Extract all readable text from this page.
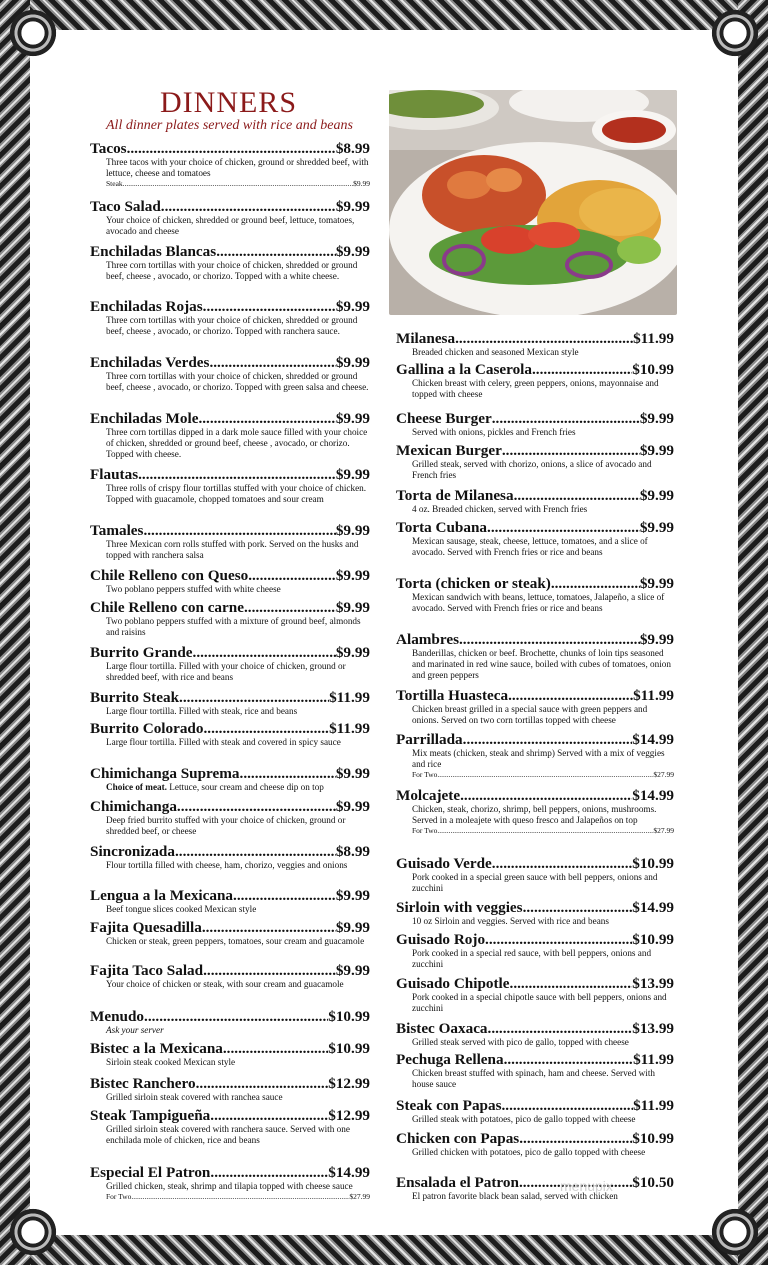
DINNERS
All dinner plates served with rice and beans
Tacos .....	$8.99
Three tacos with your choice of chicken, ground or shredded beef, with lettuce, cheese and tomatoes
Steak .....	$9.99
Taco Salad .....	$9.99
Your choice of chicken, shredded or ground beef, lettuce, tomatoes, avocado and cheese
Enchiladas Blancas .....	$9.99
Three corn tortillas with your choice of chicken, shredded or ground beef, cheese , avocado, or chorizo. Topped with a white cheese.
Enchiladas Rojas .....	$9.99
Three corn tortillas with your choice of chicken, shredded or ground beef, cheese , avocado, or chorizo. Topped with ranchera sauce.
Enchiladas Verdes .....	$9.99
Three corn tortillas with your choice of chicken, shredded or ground beef, cheese , avocado, or chorizo. Topped with green salsa and cheese.
Enchiladas Mole .....	$9.99
Three corn tortillas dipped in a dark mole sauce filled with your choice of chicken, shredded or ground beef, cheese , avocado, or chorizo. Topped with cheese.
Flautas .....	$9.99
Three rolls of crispy flour tortillas stuffed with your choice of chicken. Topped with guacamole, chopped tomatoes and sour cream
Tamales .....	$9.99
Three Mexican corn rolls stuffed with pork. Served on the husks and topped with ranchera salsa
Chile Relleno con Queso .....	$9.99
Two poblano peppers stuffed with white cheese
Chile Relleno con carne .....	$9.99
Two poblano peppers stuffed with a mixture of ground beef, almonds and raisins
Burrito Grande .....	$9.99
Large flour tortilla. Filled with your choice of chicken, ground or shredded beef, with rice and beans
Burrito Steak .....	$11.99
Large flour tortilla. Filled with steak, rice and beans
Burrito Colorado .....	$11.99
Large flour tortilla. Filled with steak and covered in spicy sauce
Chimichanga Suprema .....	$9.99
Choice of meat. Lettuce, sour cream and cheese dip on top
Chimichanga .....	$9.99
Deep fried burrito stuffed with your choice of chicken, ground or shredded beef, or cheese
Sincronizada .....	$8.99
Flour tortilla filled with cheese, ham, chorizo, veggies and onions
Lengua a la Mexicana .....	$9.99
Beef tongue slices cooked Mexican style
Fajita Quesadilla .....	$9.99
Chicken or steak, green peppers, tomatoes, sour cream and guacamole
Fajita Taco Salad .....	$9.99
Your choice of chicken or steak, with sour cream and guacamole
Menudo .....	$10.99
Ask your server
Bistec a la Mexicana .....	$10.99
Sirloin steak cooked Mexican style
Bistec Ranchero .....	$12.99
Grilled sirloin steak covered with ranchea sauce
Steak Tampigueña .....	$12.99
Grilled sirloin steak covered with ranchera sauce. Served with one enchilada mole of chicken, rice and beans
Especial El Patron .....	$14.99
Grilled chicken, steak, shrimp and tilapia topped with cheese sauce
For Two .....	$27.99
Milanesa .....	$11.99
Breaded chicken and seasoned Mexican style
Gallina a la Caserola .....	$10.99
Chicken breast with celery, green peppers, onions, mayonnaise and topped with cheese
Cheese Burger .....	$9.99
Served with onions, pickles and French fries
Mexican Burger .....	$9.99
Grilled steak, served with chorizo, onions, a slice of avocado and French fries
Torta de Milanesa .....	$9.99
4 oz. Breaded chicken, served with French fries
Torta Cubana .....	$9.99
Mexican sausage, steak, cheese, lettuce, tomatoes, and a slice of avocado. Served with French fries or rice and beans
Torta (chicken or steak) .....	$9.99
Mexican sandwich with beans, lettuce, tomatoes, Jalapeño, a slice of avocado. Served with French fries or rice and beans
Alambres .....	$9.99
Banderillas, chicken or beef. Brochette, chunks of loin tips seasoned and marinated in red wine sauce, boiled with cubes of tomatoes, onion and green peppers
Tortilla Huasteca .....	$11.99
Chicken breast grilled in a special sauce with green peppers and onions. Served on two corn tortillas topped with cheese
Parrillada .....	$14.99
Mix meats (chicken, steak and shrimp) Served with a mix of veggies and rice
For Two .....	$27.99
Molcajete .....	$14.99
Chicken, steak, chorizo, shrimp, bell peppers, onions, mushrooms. Served in a moleajete with queso fresco and Jalapeños on top
For Two .....	$27.99
Guisado Verde .....	$10.99
Pork cooked in a special green sauce with bell peppers, onions and zucchini
Sirloin with veggies .....	$14.99
10 oz Sirloin and veggies. Served with rice and beans
Guisado Rojo .....	$10.99
Pork cooked in a special red sauce, with bell peppers, onions and zucchini
Guisado Chipotle .....	$13.99
Pork cooked in a special chipotle sauce with bell peppers, onions and zucchini
Bistec Oaxaca .....	$13.99
Grilled steak served with pico de gallo, topped with cheese
Pechuga Rellena .....	$11.99
Chicken breast stuffed with spinach, ham and cheese. Served with house sauce
Steak con Papas .....	$11.99
Grilled steak with potatoes, pico de gallo topped with cheese
Chicken con Papas .....	$10.99
Grilled chicken with potatoes, pico de gallo topped with cheese
Ensalada el Patron .....	$10.50
El patron favorite black bean salad, served with chicken
menupix
